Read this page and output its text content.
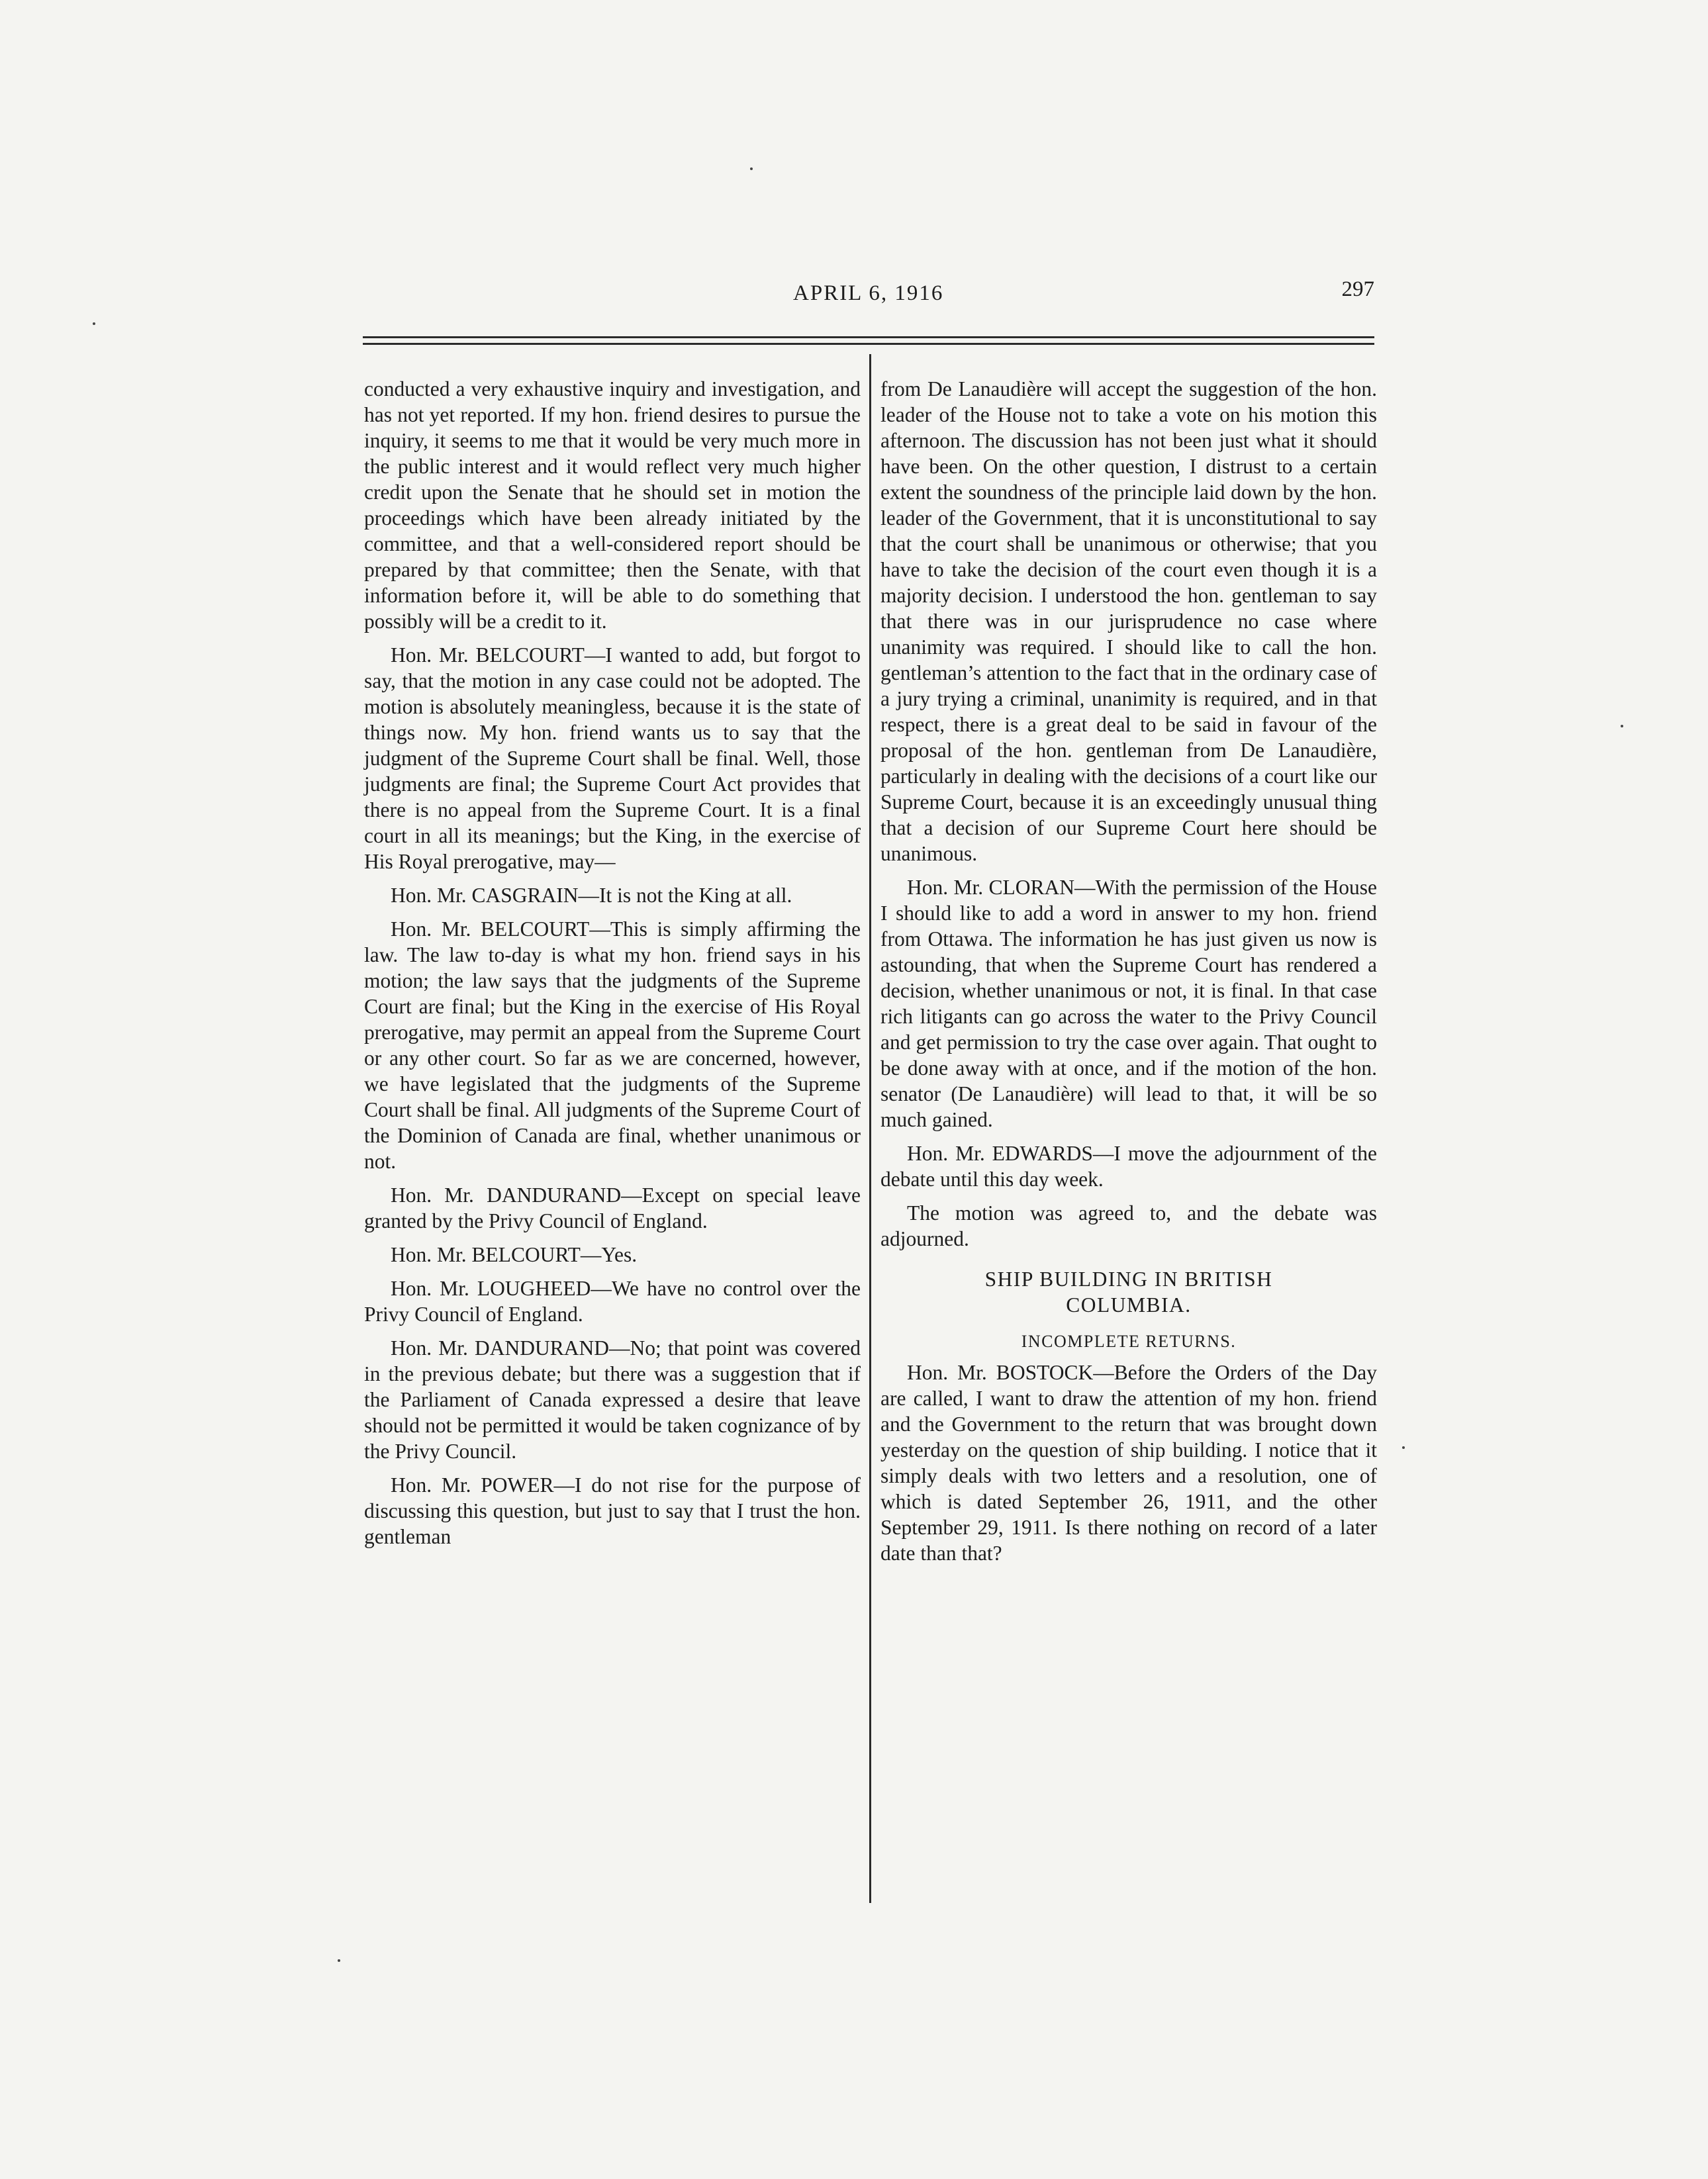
APRIL 6, 1916	297

conducted a very exhaustive inquiry and investigation, and has not yet reported. If my hon. friend desires to pursue the inquiry, it seems to me that it would be very much more in the public interest and it would reflect very much higher credit upon the Senate that he should set in motion the proceedings which have been already initiated by the committee, and that a well-considered report should be prepared by that committee; then the Senate, with that information before it, will be able to do something that possibly will be a credit to it.

Hon. Mr. BELCOURT—I wanted to add, but forgot to say, that the motion in any case could not be adopted. The motion is absolutely meaningless, because it is the state of things now. My hon. friend wants us to say that the judgment of the Supreme Court shall be final. Well, those judgments are final; the Supreme Court Act provides that there is no appeal from the Supreme Court. It is a final court in all its meanings; but the King, in the exercise of His Royal prerogative, may—

Hon. Mr. CASGRAIN—It is not the King at all.

Hon. Mr. BELCOURT—This is simply affirming the law. The law to-day is what my hon. friend says in his motion; the law says that the judgments of the Supreme Court are final; but the King in the exercise of His Royal prerogative, may permit an appeal from the Supreme Court or any other court. So far as we are concerned, however, we have legislated that the judgments of the Supreme Court shall be final. All judgments of the Supreme Court of the Dominion of Canada are final, whether unanimous or not.

Hon. Mr. DANDURAND—Except on special leave granted by the Privy Council of England.

Hon. Mr. BELCOURT—Yes.

Hon. Mr. LOUGHEED—We have no control over the Privy Council of England.

Hon. Mr. DANDURAND—No; that point was covered in the previous debate; but there was a suggestion that if the Parliament of Canada expressed a desire that leave should not be permitted it would be taken cognizance of by the Privy Council.

Hon. Mr. POWER—I do not rise for the purpose of discussing this question, but just to say that I trust the hon. gentleman

from De Lanaudière will accept the suggestion of the hon. leader of the House not to take a vote on his motion this afternoon. The discussion has not been just what it should have been. On the other question, I distrust to a certain extent the soundness of the principle laid down by the hon. leader of the Government, that it is unconstitutional to say that the court shall be unanimous or otherwise; that you have to take the decision of the court even though it is a majority decision. I understood the hon. gentleman to say that there was in our jurisprudence no case where unanimity was required. I should like to call the hon. gentleman’s attention to the fact that in the ordinary case of a jury trying a criminal, unanimity is required, and in that respect, there is a great deal to be said in favour of the proposal of the hon. gentleman from De Lanaudière, particularly in dealing with the decisions of a court like our Supreme Court, because it is an exceedingly unusual thing that a decision of our Supreme Court here should be unanimous.

Hon. Mr. CLORAN—With the permission of the House I should like to add a word in answer to my hon. friend from Ottawa. The information he has just given us now is astounding, that when the Supreme Court has rendered a decision, whether unanimous or not, it is final. In that case rich litigants can go across the water to the Privy Council and get permission to try the case over again. That ought to be done away with at once, and if the motion of the hon. senator (De Lanaudière) will lead to that, it will be so much gained.

Hon. Mr. EDWARDS—I move the adjournment of the debate until this day week.

The motion was agreed to, and the debate was adjourned.

SHIP BUILDING IN BRITISH
COLUMBIA.
INCOMPLETE RETURNS.

Hon. Mr. BOSTOCK—Before the Orders of the Day are called, I want to draw the attention of my hon. friend and the Government to the return that was brought down yesterday on the question of ship building. I notice that it simply deals with two letters and a resolution, one of which is dated September 26, 1911, and the other September 29, 1911. Is there nothing on record of a later date than that?
